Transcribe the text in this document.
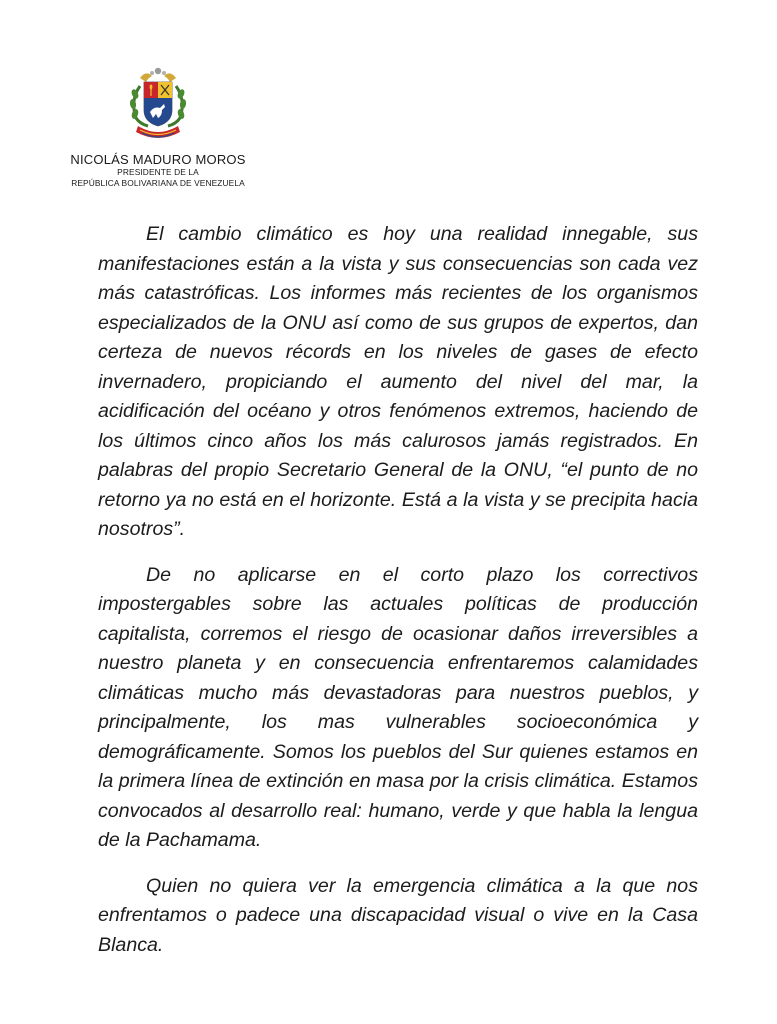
NICOLÁS MADURO MOROS
PRESIDENTE DE LA
REPÚBLICA BOLIVARIANA DE VENEZUELA

El cambio climático es hoy una realidad innegable, sus manifestaciones están a la vista y sus consecuencias son cada vez más catastróficas. Los informes más recientes de los organismos especializados de la ONU así como de sus grupos de expertos, dan certeza de nuevos récords en los niveles de gases de efecto invernadero, propiciando el aumento del nivel del mar, la acidificación del océano y otros fenómenos extremos, haciendo de los últimos cinco años los más calurosos jamás registrados. En palabras del propio Secretario General de la ONU, “el punto de no retorno ya no está en el horizonte. Está a la vista y se precipita hacia nosotros”.

De no aplicarse en el corto plazo los correctivos impostergables sobre las actuales políticas de producción capitalista, corremos el riesgo de ocasionar daños irreversibles a nuestro planeta y en consecuencia enfrentaremos calamidades climáticas mucho más devastadoras para nuestros pueblos, y principalmente, los mas vulnerables socioeconómica y demográficamente. Somos los pueblos del Sur quienes estamos en la primera línea de extinción en masa por la crisis climática. Estamos convocados al desarrollo real: humano, verde y que habla la lengua de la Pachamama.

Quien no quiera ver la emergencia climática a la que nos enfrentamos o padece una discapacidad visual o vive en la Casa Blanca.
